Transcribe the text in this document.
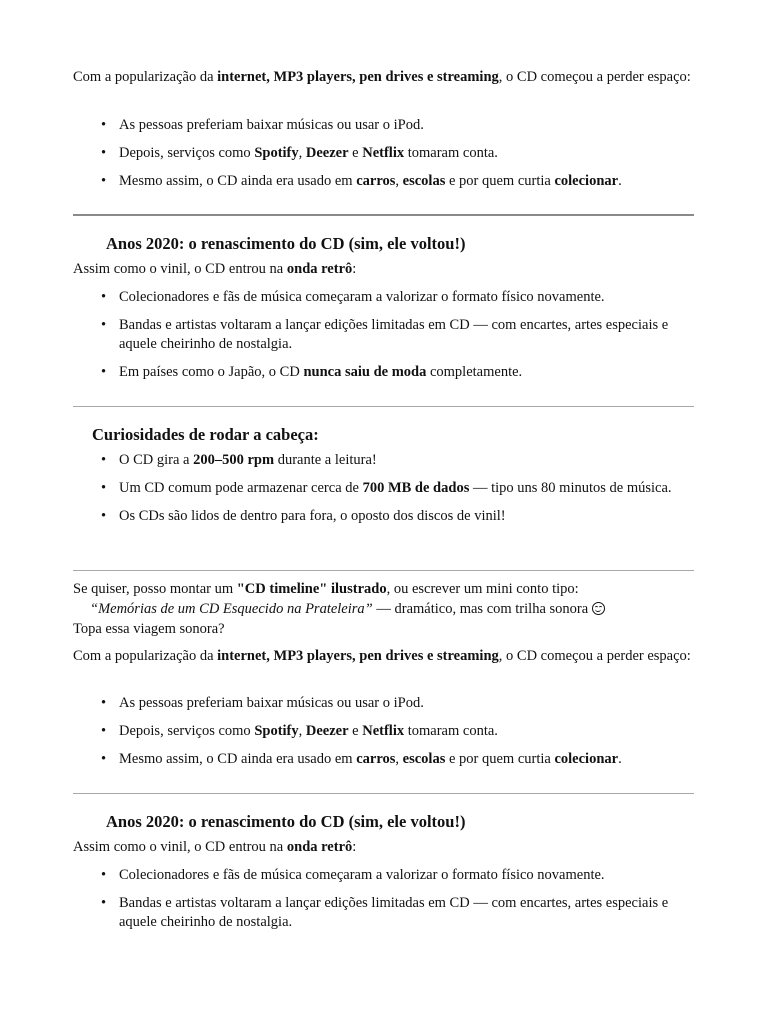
Com a popularização da internet, MP3 players, pen drives e streaming, o CD começou a perder espaço:

• As pessoas preferiam baixar músicas ou usar o iPod.
• Depois, serviços como Spotify, Deezer e Netflix tomaram conta.
• Mesmo assim, o CD ainda era usado em carros, escolas e por quem curtia colecionar.
Anos 2020: o renascimento do CD (sim, ele voltou!)

Assim como o vinil, o CD entrou na onda retrô:

• Colecionadores e fãs de música começaram a valorizar o formato físico novamente.
• Bandas e artistas voltaram a lançar edições limitadas em CD — com encartes, artes especiais e aquele cheirinho de nostalgia.
• Em países como o Japão, o CD nunca saiu de moda completamente.
Curiosidades de rodar a cabeça:
• O CD gira a 200–500 rpm durante a leitura!
• Um CD comum pode armazenar cerca de 700 MB de dados — tipo uns 80 minutos de música.
• Os CDs são lidos de dentro para fora, o oposto dos discos de vinil!

Se quiser, posso montar um "CD timeline" ilustrado, ou escrever um mini conto tipo:

“Memórias de um CD Esquecido na Prateleira” — dramático, mas com trilha sonora

Topa essa viagem sonora?

Com a popularização da internet, MP3 players, pen drives e streaming, o CD começou a perder espaço:

• As pessoas preferiam baixar músicas ou usar o iPod.
• Depois, serviços como Spotify, Deezer e Netflix tomaram conta.
• Mesmo assim, o CD ainda era usado em carros, escolas e por quem curtia colecionar.
Anos 2020: o renascimento do CD (sim, ele voltou!)

Assim como o vinil, o CD entrou na onda retrô:

• Colecionadores e fãs de música começaram a valorizar o formato físico novamente.
• Bandas e artistas voltaram a lançar edições limitadas em CD — com encartes, artes especiais e aquele cheirinho de nostalgia.
